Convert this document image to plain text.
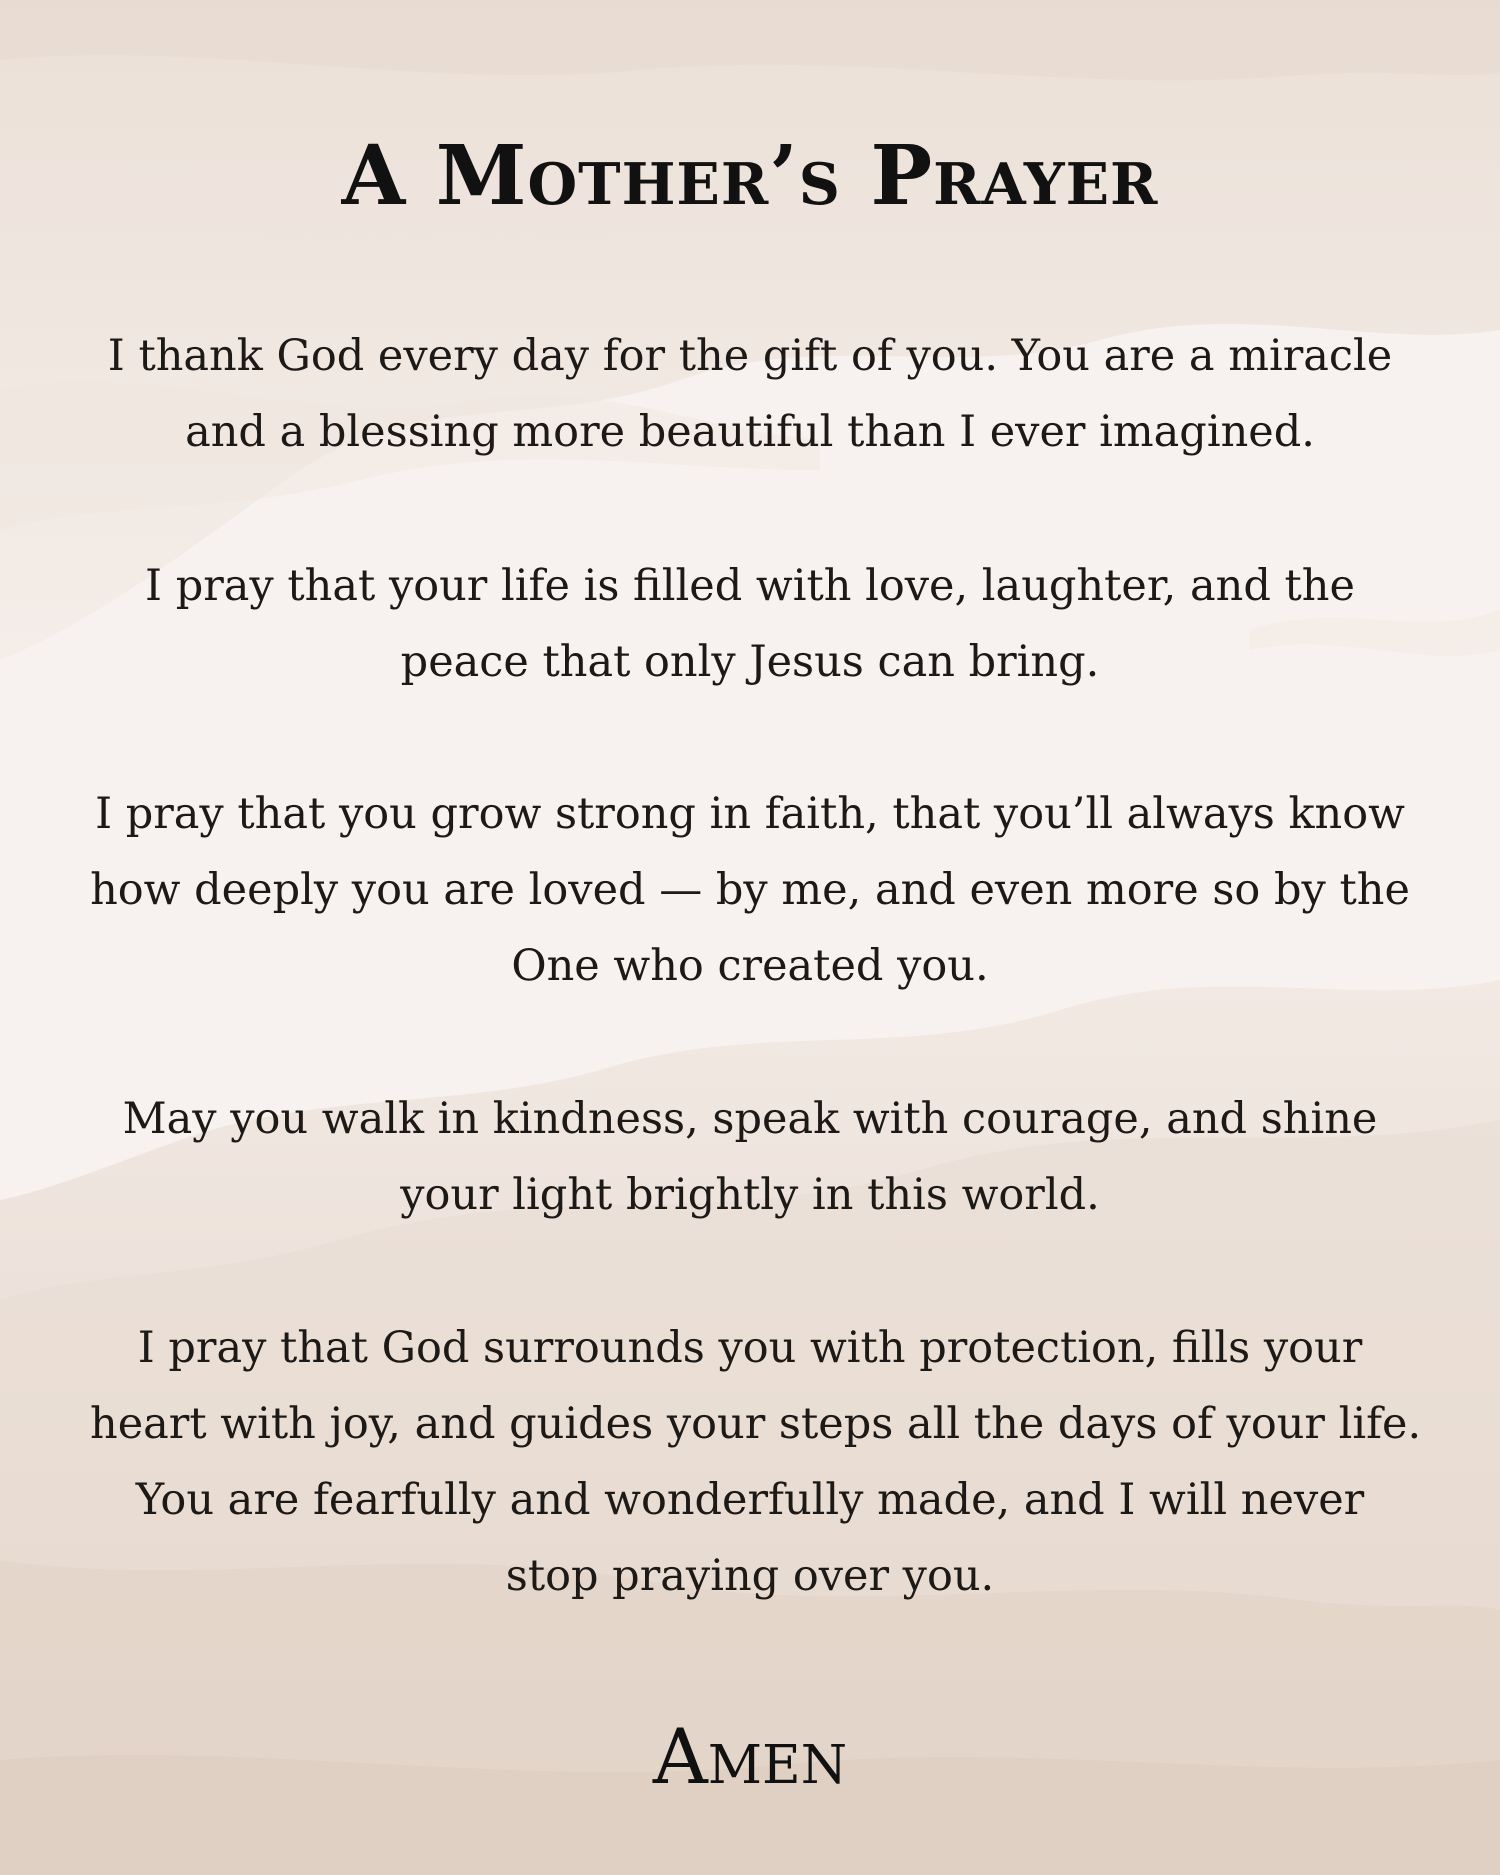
A Mother’s Prayer

I thank God every day for the gift of you. You are a miracle
and a blessing more beautiful than I ever imagined.

I pray that your life is filled with love, laughter, and the
peace that only Jesus can bring.

I pray that you grow strong in faith, that you’ll always know
how deeply you are loved — by me, and even more so by the
One who created you.

May you walk in kindness, speak with courage, and shine
your light brightly in this world.

I pray that God surrounds you with protection, fills your
heart with joy, and guides your steps all the days of your life.
You are fearfully and wonderfully made, and I will never
stop praying over you.

Amen
